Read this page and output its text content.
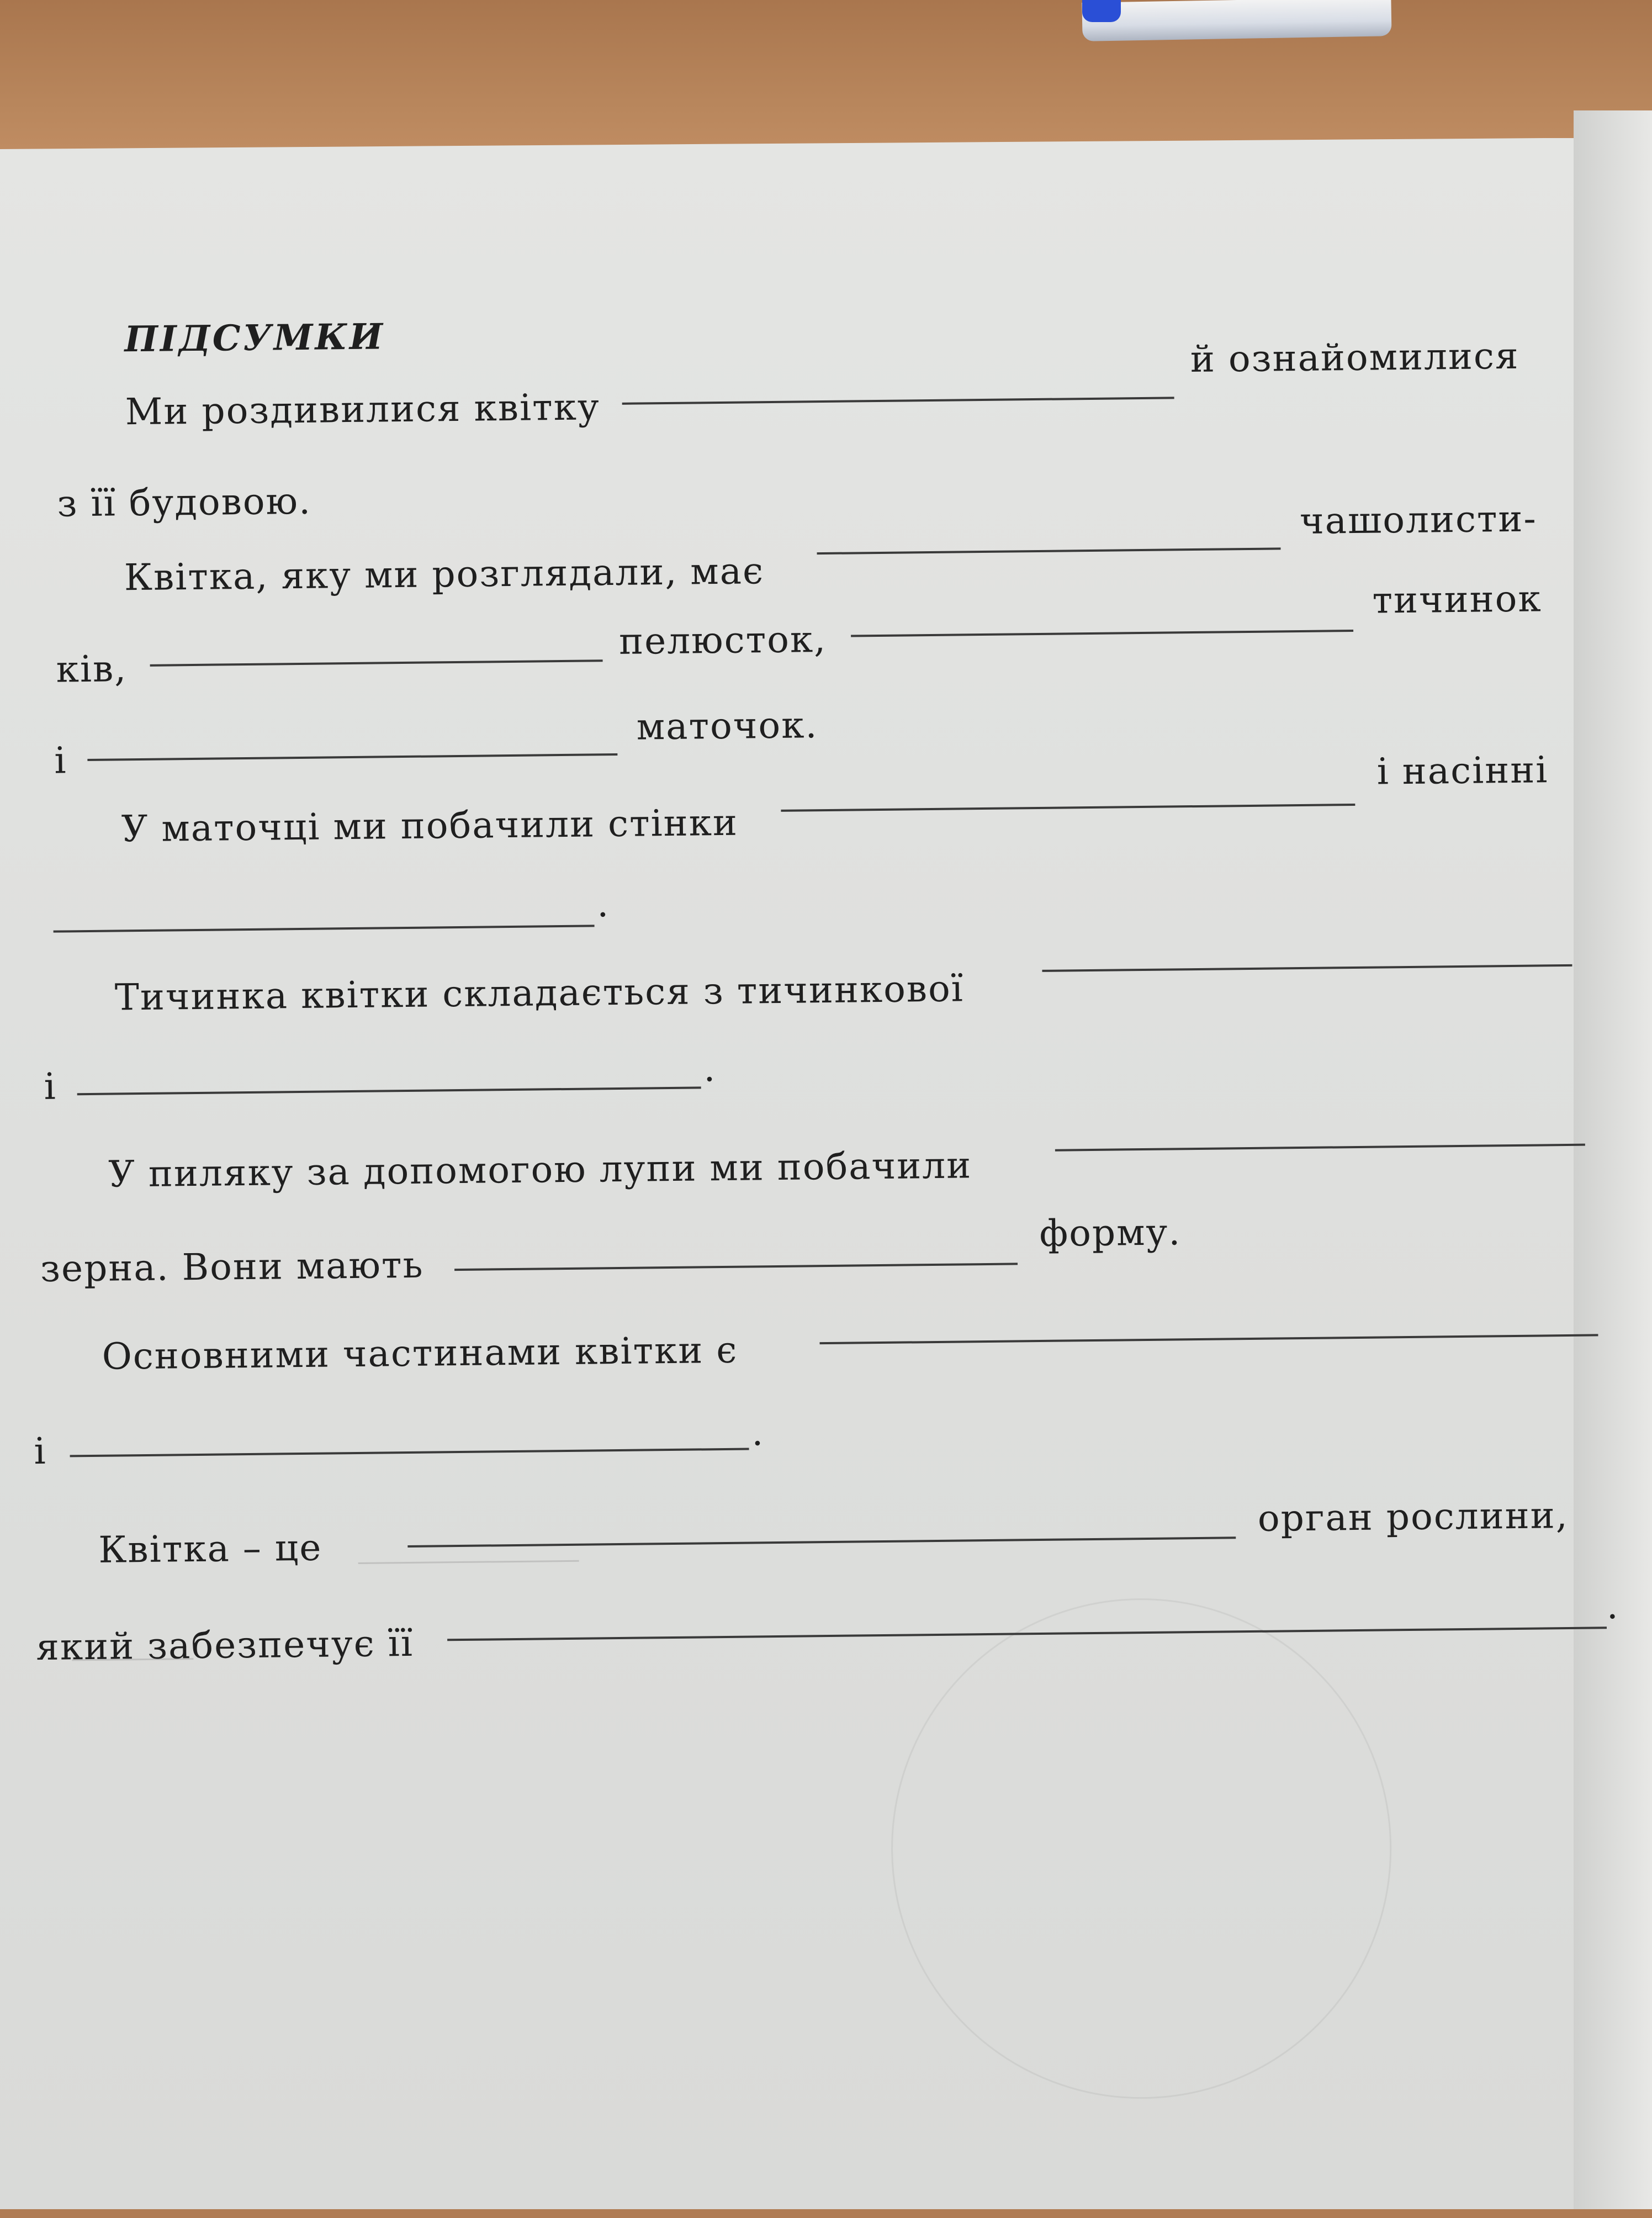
ПІДСУМКИ
Ми роздивилися квітку
й ознайомилися
з її будовою.
Квітка, яку ми розглядали, має
чашолисти-
ків,
пелюсток,
тичинок
і
маточок.
У маточці ми побачили стінки
і насінні
.
Тичинка квітки складається з тичинкової
і	.
У пиляку за допомогою лупи ми побачили
зерна. Вони мають
форму.
Основними частинами квітки є
і	.
Квітка – це
орган рослини,
який забезпечує її
.
